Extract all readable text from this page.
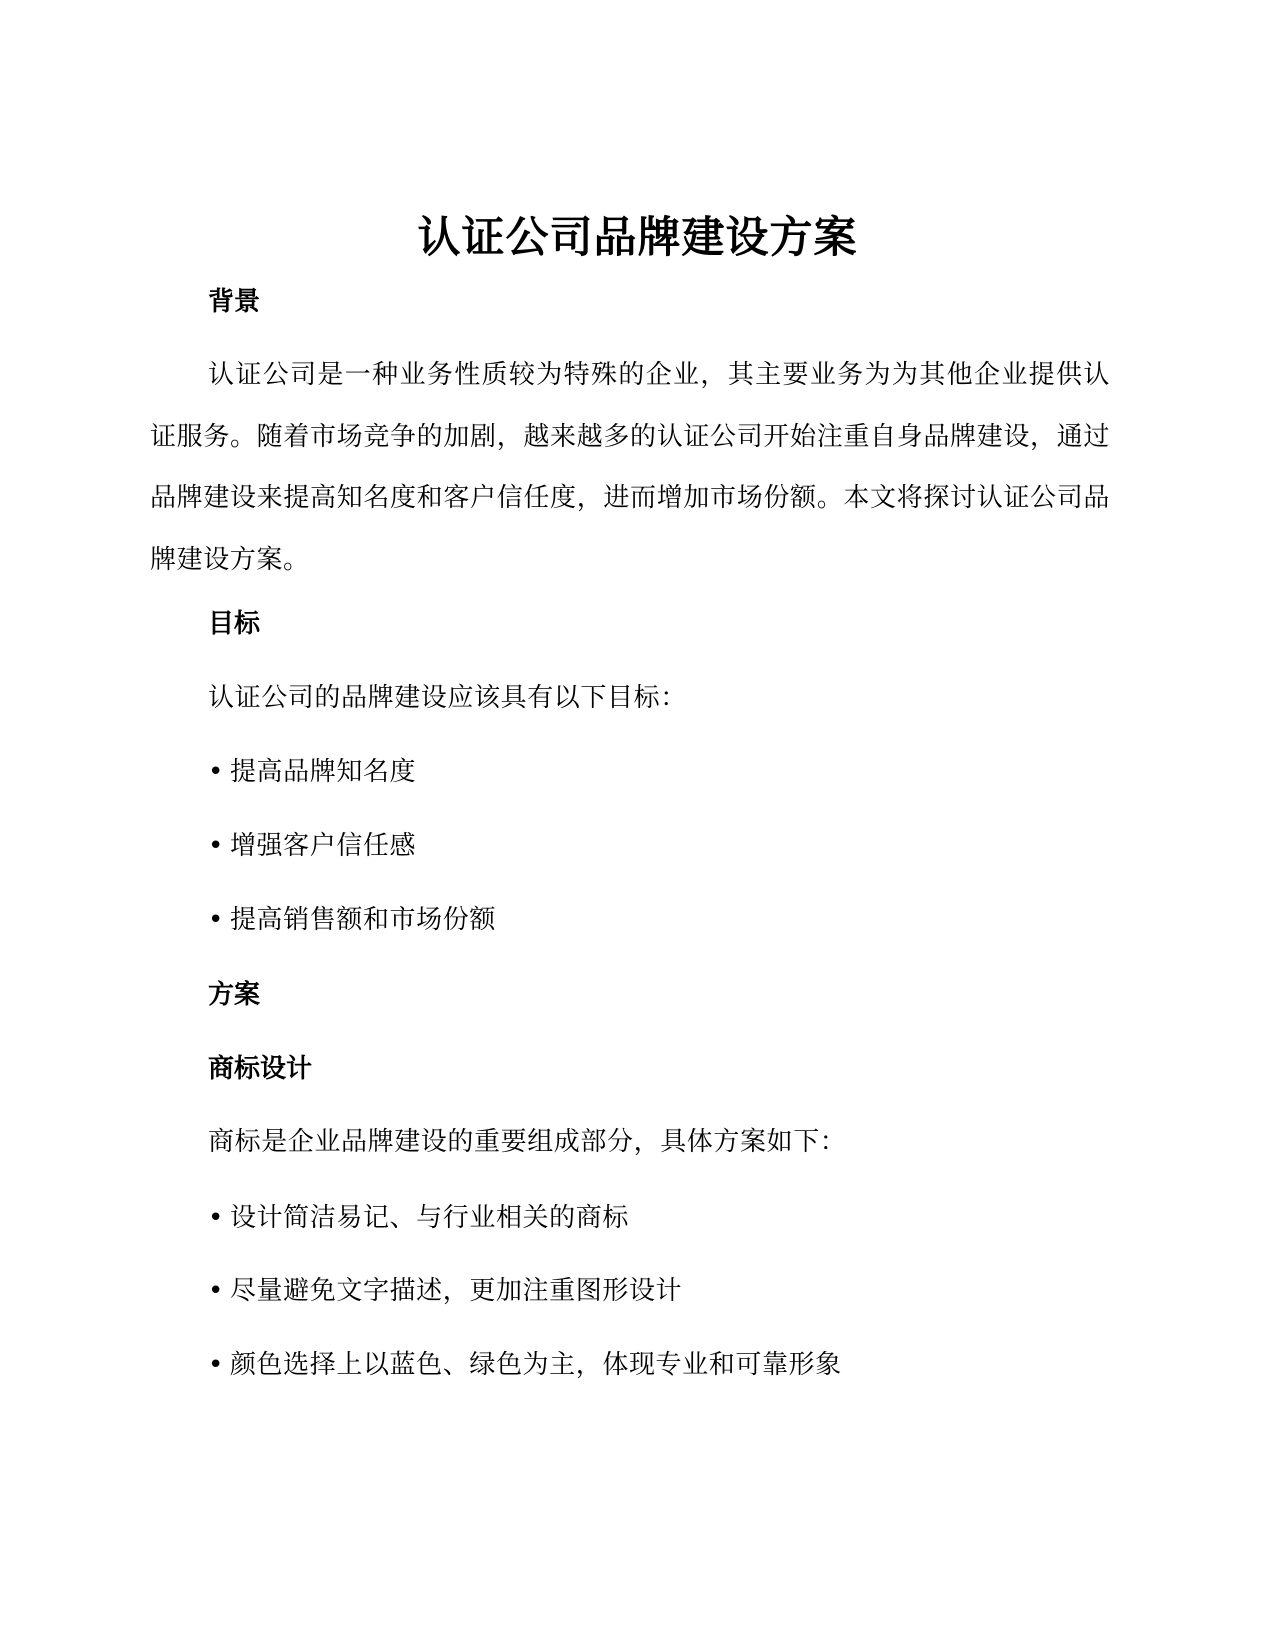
认证公司品牌建设方案
背景
认证公司是一种业务性质较为特殊的企业，其主要业务为为其他企业提供认证服务。随着市场竞争的加剧，越来越多的认证公司开始注重自身品牌建设，通过品牌建设来提高知名度和客户信任度，进而增加市场份额。本文将探讨认证公司品牌建设方案。
目标
认证公司的品牌建设应该具有以下目标：
• 提高品牌知名度
• 增强客户信任感
• 提高销售额和市场份额
方案
商标设计
商标是企业品牌建设的重要组成部分，具体方案如下：
• 设计简洁易记、与行业相关的商标
• 尽量避免文字描述，更加注重图形设计
• 颜色选择上以蓝色、绿色为主，体现专业和可靠形象
